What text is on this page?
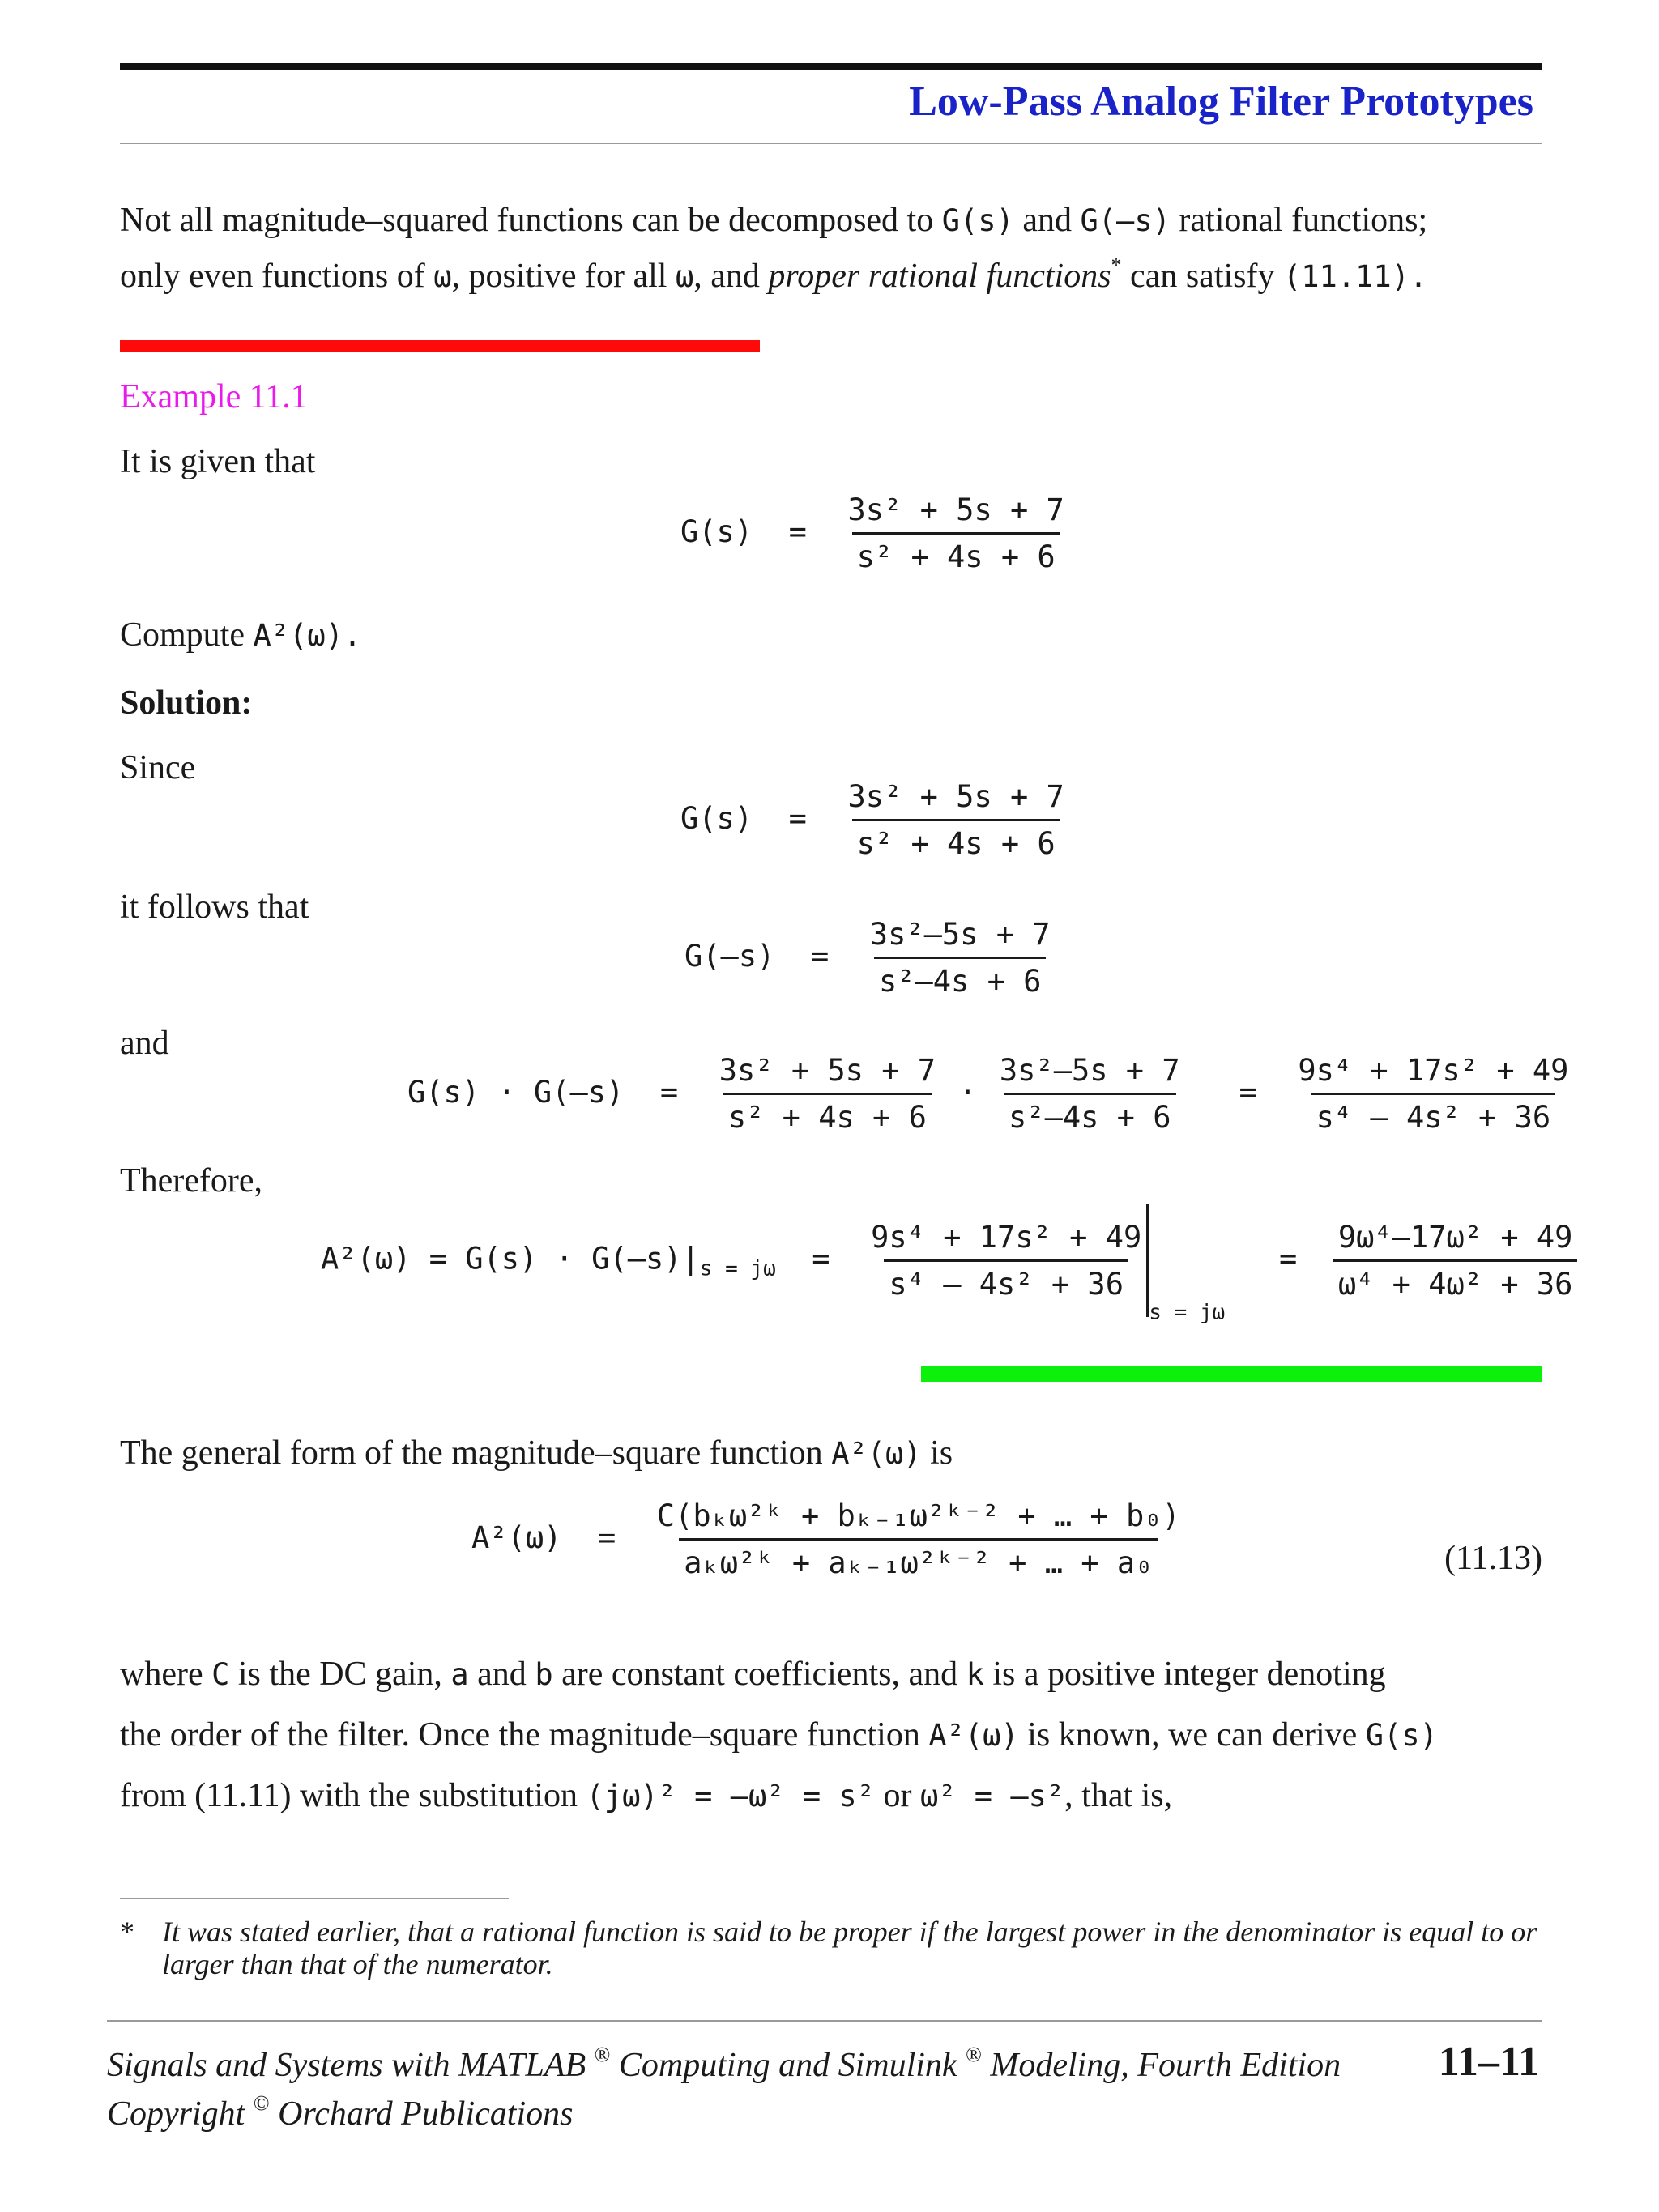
Low-Pass Analog Filter Prototypes
Not all magnitude–squared functions can be decomposed to G(s) and G(–s) rational functions;
only even functions of ω, positive for all ω, and proper rational functions* can satisfy (11.11).
Example 11.1
It is given that
$G(s) = \frac{\text{3s² + 5s + 7}}{\text{s² + 4s + 6}}$
Compute A²(ω).
Solution:
Since
$G(s) = \frac{\text{3s² + 5s + 7}}{\text{s² + 4s + 6}}$
it follows that
$G(-s) = \frac{\text{3s²–5s + 7}}{\text{s²–4s + 6}}$
and
$G(s) \cdot G(-s) = \frac{\text{3s² + 5s + 7}}{\text{s² + 4s + 6}} \cdot \frac{\text{3s²–5s + 7}}{\text{s²–4s + 6}} = \frac{\text{9s⁴ + 17s² + 49}}{\text{s⁴ – 4s² + 36}}$
Therefore,
$A^2(\omega) = G(s) \cdot G(-s)|_{s = j\omega} = \frac{\text{9s⁴ + 17s² + 49}}{\text{s⁴ – 4s² + 36}}$
$_{s = j\omega} = \frac{\text{9ω⁴–17ω² + 49}}{\text{ω⁴ + 4ω² + 36}}$
The general form of the magnitude–square function A²(ω) is
$A^2(\omega) = \frac{\text{C(bₖω²ᵏ + bₖ₋₁ω²ᵏ⁻² + … + b₀)}}{\text{aₖω²ᵏ + aₖ₋₁ω²ᵏ⁻² + … + a₀}}$	(11.13)
where C is the DC gain, a and b are constant coefficients, and k is a positive integer denoting
the order of the filter. Once the magnitude–square function A²(ω) is known, we can derive G(s)
from (11.11) with the substitution (jω)² = –ω² = s² or ω² = –s², that is,
* It was stated earlier, that a rational function is said to be proper if the largest power in the denominator is equal to or larger than that of the numerator.
Signals and Systems with MATLAB ® Computing and Simulink ® Modeling, Fourth Edition
Copyright © Orchard Publications
11–11
